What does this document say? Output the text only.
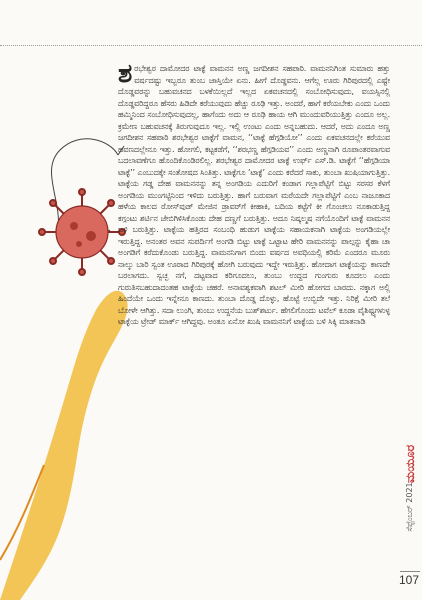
ಶರಭೇಶ್ವರ ದಾಮೋದರ ಟಾಕ್ಳೆ ವಾಮನನ ಅಣ್ಣ ಜಗದೀಶನ ಸಹಪಾಠಿ. ವಾಮನನಿಗಿಂತ ಸುಮಾರು ಹತ್ತು ವರ್ಷದಷ್ಟು ಇಬ್ಬರೂ ತುಂಬ ಜಾಸ್ತಿಯೇ ಏನು. ಹೀಗೆ ದೊಡ್ಡವನು. ಆಗೆಲ್ಲ ಊರು ಗಿರಿಪುರದಲ್ಲಿ ಎಷ್ಟೇ ದೊಡ್ಡವರನ್ನು ಬಹುವಚನದ ಬಳಕೆಯಿಲ್ಲದೆ ಇಲ್ಲದ ಏಕವಚನದಲ್ಲಿ ಸಂಬೋಧಿಸುವುದು, ವಯಸ್ಸಿನಲ್ಲಿ ದೊಡ್ಡವರಿದ್ದರೂ ಹೆಸರು ಹಿಡಿದೇ ಕರೆಯುವುದು ಹೆಚ್ಚು ರೂಢಿ ಇತ್ತು. ಅಂದರೆ, ಹಾಗೆ ಕರೆಯಬೇಕು ಎಂದು ಒಂದು ಹಮ್ಮಿನಿಂದ ಸಂಬೋಧಿಸುವುದಲ್ಲ, ಹಾಗೆಂದು ಅದು ಆ ರೂಢಿ ಹಾಯ ಆಗಿ ಮುಂದುವರಿಯುತ್ತಿತ್ತು ಎಂದೂ ಅಲ್ಲ. ಕ್ರಮೇಣ ಬಹುವಚನಕ್ಕೆ ತಿರುಗುವುದೂ ಇಲ್ಲ. ಇಲ್ಲಿ ಉಂಟು ಎಂದು ಅನ್ನಬಹುದು. ಆದರೆ, ಅದು ಎಂದೂ ಅಣ್ಣ ಜಗದೀಶನ ಸಹಪಾಠಿ ಶರಭೇಶ್ವರ ಟಾಕ್ಳೆಗೆ ವಾಮನ, ‘‘ಟಾಕ್ಳೆ ಹೆಗ್ಗಡಿಯೋ’’ ಎಂದು ಏಕವಚನದಲ್ಲೇ ಕರೆಯುವ ಹವಣದಲ್ಲೇನೂ ಇತ್ತು. ಹೋಗಲಿ, ಕಟ್ಟಕಡೆಗೆ, ‘‘ಶರಭಣ್ಣ ಹೆಗ್ಗಡಿಯವ’’ ಎಂದು ಅಣ್ಣನಾಗಿ ರೂಪಾಂತರವಾಗುವ ಬದಲಾವಣೆಗೂ ಹೊಂದಿಕೊಂಡಿರಲಿಲ್ಲ. ಶರಭೇಶ್ವರ ದಾಮೋದರ ಟಾಕ್ಳೆ ಉರ್ಫ್ ಎಸ್.ಡಿ. ಟಾಕ್ಳೆಗೆ ‘‘ಹೆಗ್ಗಡಿಯಾ ಟಾಕ್ಳೆ’’ ಎಂಬುದಕ್ಕೇ ಸಂತೋಷದ ಸಿಂತಿತ್ತು. ಟಾಕ್ಳೆಗೂ ‘ಟಾಕ್ಳೆ’ ಎಂದು ಕರೆದರೆ ಸಾಕು, ತುಂಬಾ ಖುಷಿಯಾಗುತ್ತಿತ್ತು. ಟಾಕ್ಳೆಯ ಗಡ್ಡ ದೇಹ ವಾಮನನನ್ನು ತನ್ನ ಅಂಗಡಿಯ ಎದುರಿಗೆ ಕಂಡಾಗ ಗಲ್ಲಾಪೆಟ್ಟಿಗೆ ಬಿಟ್ಟು ಸರಸರ ಕೆಳಗೆ ಅಂಗಡಿಯ ಮುಂಗಟ್ಟಿನಿಂದ ಇಳಿದು ಬರುತ್ತಿತ್ತು. ಹಾಗೆ ಬರುವಾಗ ಮರೆಯದೇ ಗಲ್ಲಾಪೆಟ್ಟಿಗೆ ಎಂಬ ನಾಜೂಕಾದ ಹಳೆಯ ಕಾಲದ ರೋಸ್‌ವುಡ್ ಮೇಜಿನ ಡ್ರಾವರ್‌ಗೆ ಕೀಹಾಕಿ, ಬದಿಯ ಕಟ್ಟೆಗೆ ಕೀ ಗೊಂಚಲು ನೂಕಾಡುತ್ತಿದ್ದ ಕಗ್ಗಂಟು ಶರ್ಟಿನ ಜೇಬಿಗಿಳಿಸಿಕೊಂಡು ದೇಹ ದಣ್ಣಗೆ ಬರುತ್ತಿತ್ತು. ಅದೂ ನಿಷ್ಕಲ್ಮಷ ನಗೆಯೊಂದಿಗೆ ಟಾಕ್ಳೆ ವಾಮನನ ಬಳಿ ಬರುತ್ತಿತ್ತು. ಟಾಕ್ಳೆಯ ಹತ್ತಿರದ ಸಂಬಂಧಿ ಹುಡುಗ ಟಾಕ್ಳೆಯ ಸಹಾಯಕನಾಗಿ ಟಾಕ್ಳೆಯ ಅಂಗಡಿಯಲ್ಲೇ ಇರುತ್ತಿದ್ದ. ಅನಂತರ ಅವನ ಸುಪರ್ದಿಗೆ ಅಂಗಡಿ ಬಿಟ್ಟು ಟಾಕ್ಳೆ ಒಟ್ಟಾಟ ಹೇರಿ ವಾಮನನನ್ನು ಪಾಲ್ಗನ್ನು ಕೈಹಾ ಚಾ ಅಂಗಡಿಗೆ ಕರೆದುಕೊಂಡು ಬರುತ್ತಿದ್ದ. ವಾಮನನಿಗಾಗ ಬಿಂದು ವರ್ಷದ ಅವಧಿಯಲ್ಲಿ ಕರಿಮೆ ಎಂದರೂ ಮೂರು ನಾಲ್ಕು ಬಾರಿ ಸ್ವಂತ ಊರಾದ ಗಿರಿಪುರಕ್ಕೆ ಹೋಗಿ ಬರುವುದು ಇದ್ದೇ ಇರುತ್ತಿತ್ತು. ಹೋದಾಗ ಟಾಕ್ಳೆಯನ್ನು ಕಾಣದೇ ಬರಲಾಗದು. ಸ್ವಚ್ಛ ನಗೆ, ದಟ್ಟವಾದ ಕರಿಗೂದಲು, ತುಂಬು ಉದ್ದದ ಗುಂಗುರು ಕೂದಲು ಎಂದು ಗುರುತಿಸಬಹುದಾದಂತಹ ಟಾಕ್ಳೆಯ ಚಹರೆ. ಅನಾವಶ್ಯಕವಾಗಿ ಶಟಲ್ ಮೀರಿ ಹೋಗದ ಬಾರದು. ನಕ್ಕಾಗ ಅಲ್ಲಿ ಹಿಂದೆಯೇ ಒಂದು ಇನ್ನೇನೂ ಕಾಣದು. ತುಂಬಾ ದೊಡ್ಡ ದೊಳ್ಳು, ಹೊಟ್ಟೆ ಉಬ್ಬಿದೇ ಇತ್ತು. ನಿರಿಕ್ಷೆ ಮೀರಿ ತಲೆ ಬೋಳೇ ಆಗಿತ್ತು. ಸದಾ ಲುಂಗಿ, ತುಂಬು ಉದ್ದನೆಯ ಬುಶ್‌ಶರ್ಟು. ಹೆಗಲಿಗೊಂದು ಟವೆಲ್ ಕೂಡಾ ವೈಶಿಷ್ಟ್ಯಗಳುಳ್ಳ ಟಾಕ್ಳೆಯ ಟ್ರೇಡ್ ಮಾರ್ಕ್ ಆಗಿದ್ದವು. ಅಂತೂ ಏನೋ ಖುಷಿ ವಾಮನನಿಗೆ ಟಾಕ್ಳೆಯ ಬಳಿ ಸಿಕ್ಕಿ ಮಾತನಾಡಿ

ಮಯೂರ
ಸೆಪ್ಟೆಂಬರ್ 2021
107
